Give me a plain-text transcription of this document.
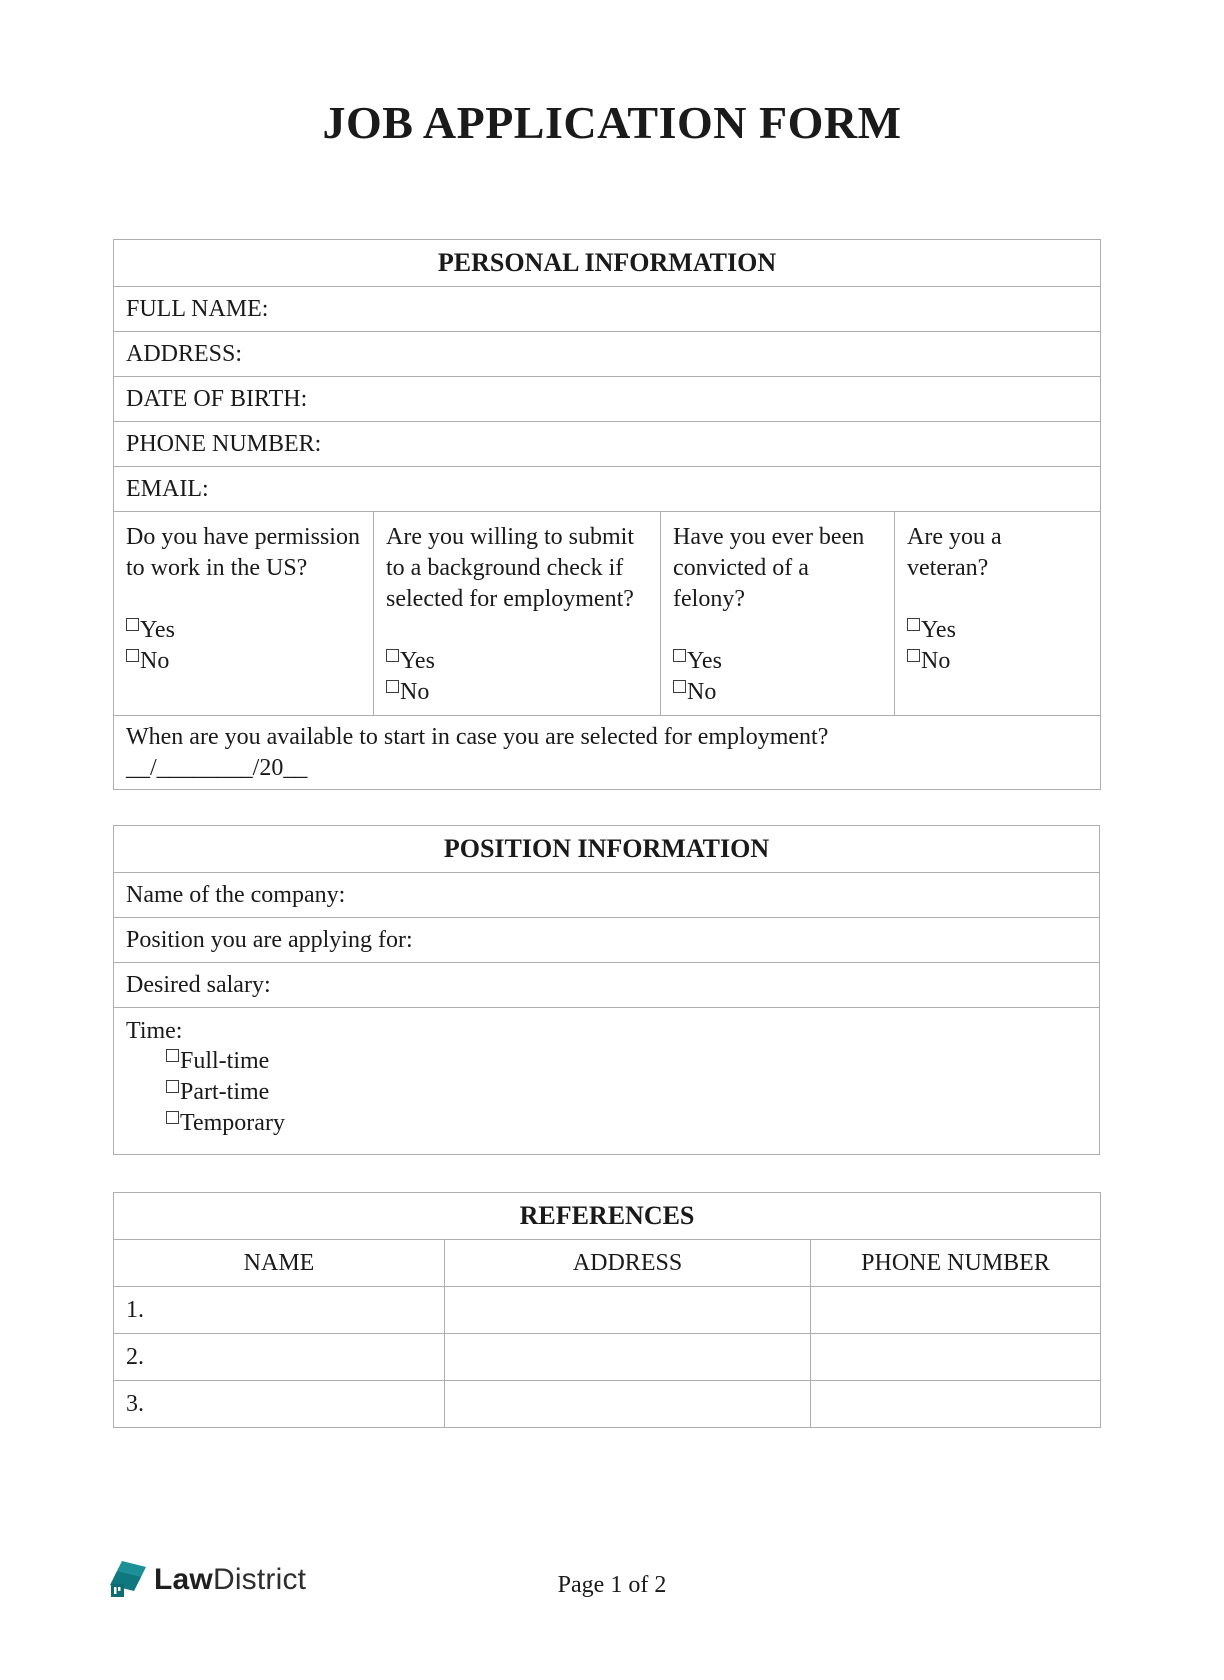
JOB APPLICATION FORM
PERSONAL INFORMATION
FULL NAME:
ADDRESS:
DATE OF BIRTH:
PHONE NUMBER:
EMAIL:

Do you have permission to work in the US?
Yes
No

Are you willing to submit to a background check if selected for employment?
Yes
No

Have you ever been convicted of a felony?
Yes
No

Are you a veteran?
Yes
No

When are you available to start in case you are selected for employment?
__/________/20__
POSITION INFORMATION
Name of the company:
Position you are applying for:
Desired salary:

Time:
Full-time
Part-time
Temporary
REFERENCES		
NAME	ADDRESS	PHONE NUMBER
1.		
2.		
3.		
LawDistrict	Page 1 of 2
